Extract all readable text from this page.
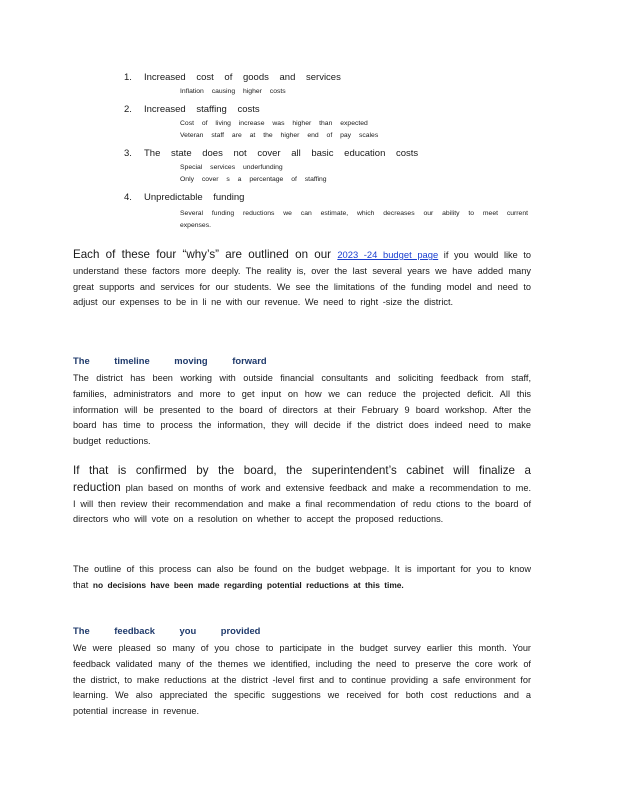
1.	Increased cost of goods and services
Inflation causing higher costs
2.	Increased staffing costs
Cost of living increase was higher than expected
Veteran staff are at the higher end of pay scales
3.	The state does not cover all basic education costs
Special services underfunding
Only cover s a percentage of staffing
4.	Unpredictable funding
Several funding reductions we can estimate, which decreases our ability to meet current expenses.

Each of these four “why’s” are outlined on our 2023 -24 budget page if you would like to understand these factors more deeply. The reality is, over the last several years we have added many great supports and services for our students. We see the limitations of the funding model and need to adjust our expenses to be in li ne with our revenue. We need to right -size the district.

The timeline moving forward

The district has been working with outside financial consultants and soliciting feedback from staff, families, administrators and more to get input on how we can reduce the projected deficit. All this information will be presented to the board of directors at their February 9 board workshop. After the board has time to process the information, they will decide if the district does indeed need to make budget reductions.

If that is confirmed by the board, the superintendent’s cabinet will finalize a reduction plan based on months of work and extensive feedback and make a recommendation to me. I will then review their recommendation and make a final recommendation of redu ctions to the board of directors who will vote on a resolution on whether to accept the proposed reductions.

The outline of this process can also be found on the budget webpage. It is important for you to know that no decisions have been made regarding potential reductions at this time.

The feedback you provided

We were pleased so many of you chose to participate in the budget survey earlier this month. Your feedback validated many of the themes we identified, including the need to preserve the core work of the district, to make reductions at the district -level first and to continue providing a safe environment for learning. We also appreciated the specific suggestions we received for both cost reductions and a potential increase in revenue.
